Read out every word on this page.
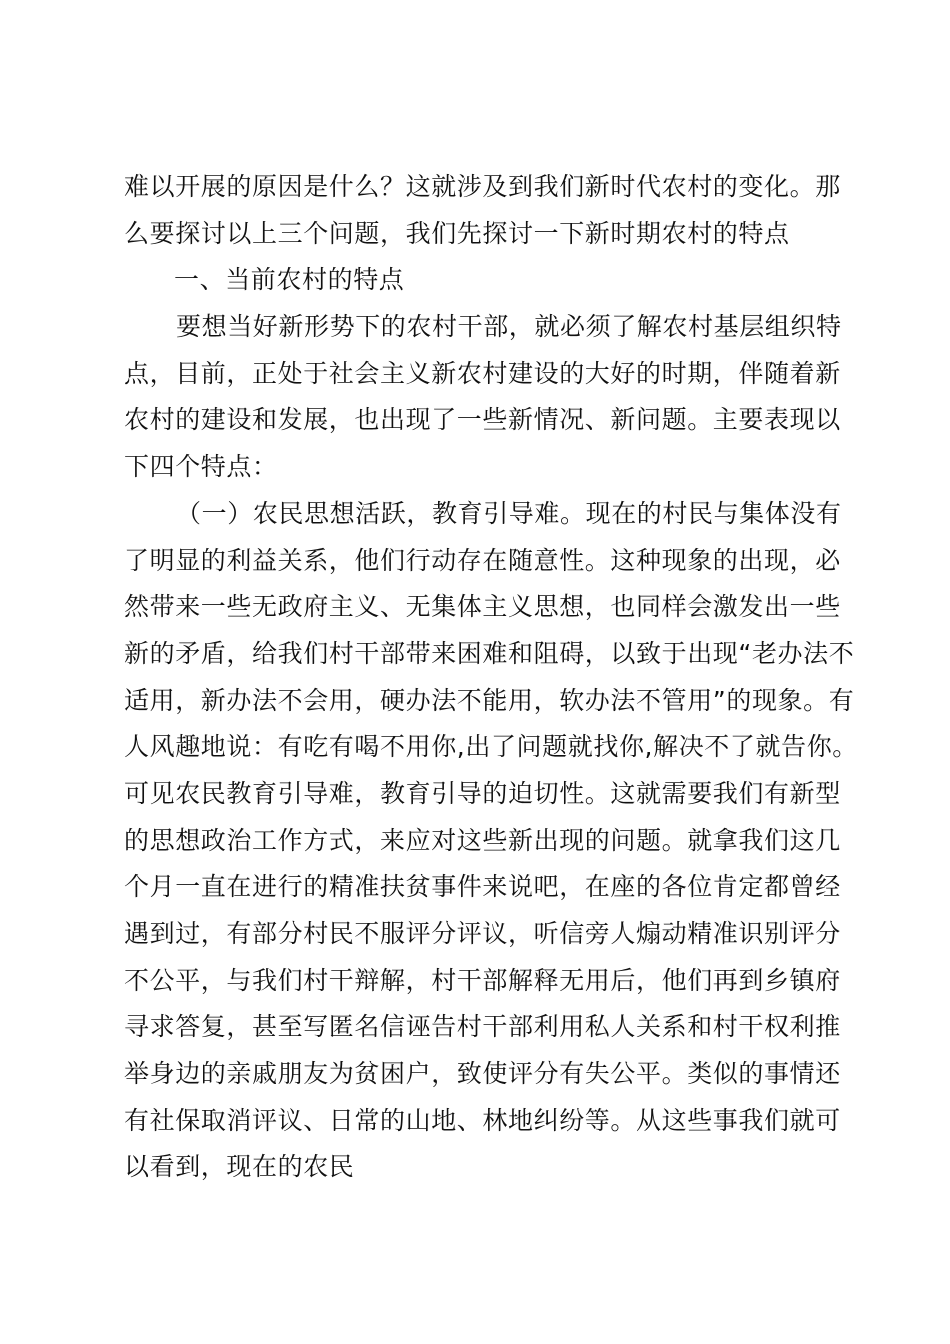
难以开展的原因是什么？这就涉及到我们新时代农村的变化。那
么要探讨以上三个问题，我们先探讨一下新时期农村的特点
一、当前农村的特点
要想当好新形势下的农村干部，就必须了解农村基层组织特
点，目前，正处于社会主义新农村建设的大好的时期，伴随着新
农村的建设和发展，也出现了一些新情况、新问题。主要表现以
下四个特点：
（一）农民思想活跃，教育引导难。现在的村民与集体没有
了明显的利益关系，他们行动存在随意性。这种现象的出现，必
然带来一些无政府主义、无集体主义思想，也同样会激发出一些
新的矛盾，给我们村干部带来困难和阻碍，以致于出现“老办法不
适用，新办法不会用，硬办法不能用，软办法不管用”的现象。有
人风趣地说：有吃有喝不用你,出了问题就找你,解决不了就告你。
可见农民教育引导难，教育引导的迫切性。这就需要我们有新型
的思想政治工作方式，来应对这些新出现的问题。就拿我们这几
个月一直在进行的精准扶贫事件来说吧，在座的各位肯定都曾经
遇到过，有部分村民不服评分评议，听信旁人煽动精准识别评分
不公平，与我们村干辩解，村干部解释无用后，他们再到乡镇府
寻求答复，甚至写匿名信诬告村干部利用私人关系和村干权利推
举身边的亲戚朋友为贫困户，致使评分有失公平。类似的事情还
有社保取消评议、日常的山地、林地纠纷等。从这些事我们就可
以看到，现在的农民
